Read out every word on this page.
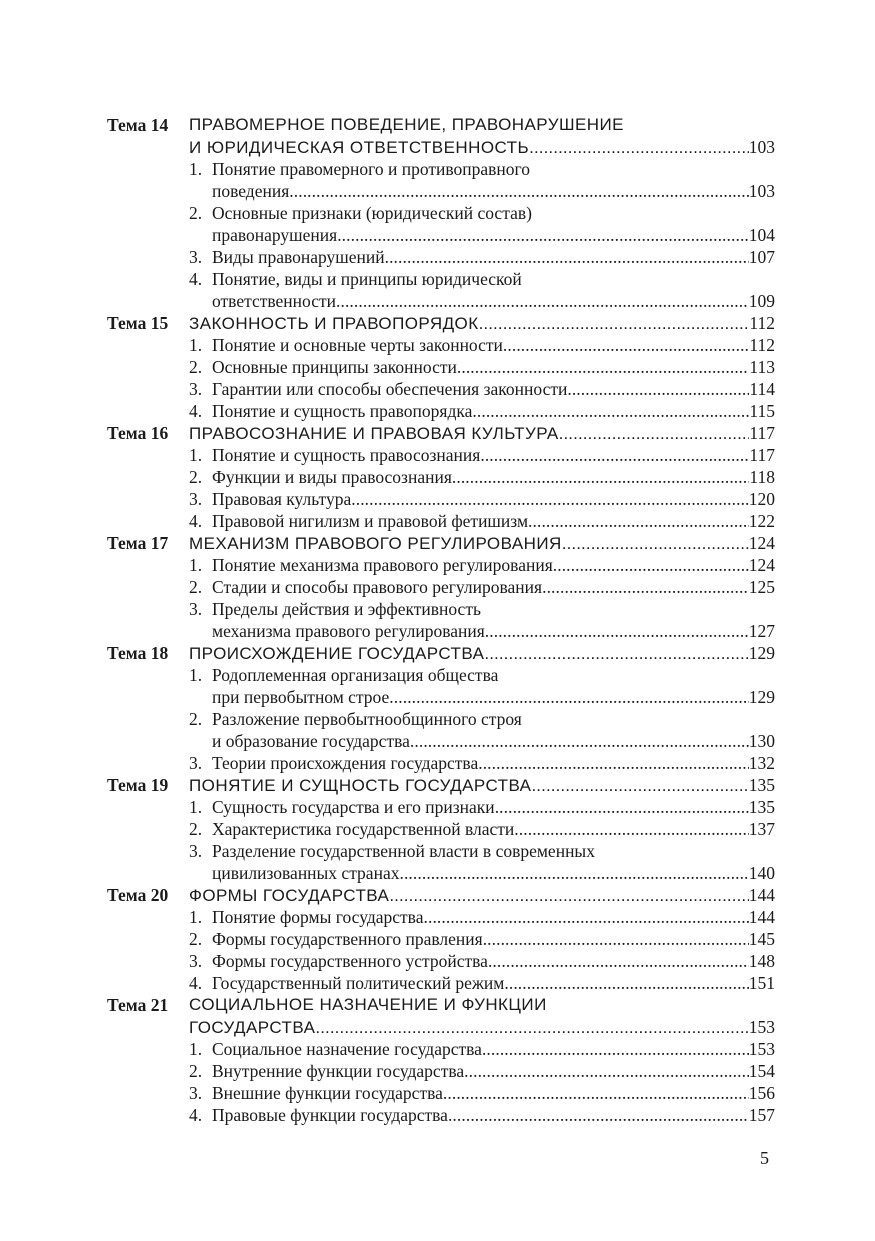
Тема 14	ПРАВОМЕРНОЕ ПОВЕДЕНИЕ, ПРАВОНАРУШЕНИЕ
И ЮРИДИЧЕСКАЯ ОТВЕТСТВЕННОСТЬ .....	103
1. Понятие правомерного и противоправного
поведения .....	103
2. Основные признаки (юридический состав)
правонарушения .....	104
3. Виды правонарушений .....	107
4. Понятие, виды и принципы юридической
ответственности .....	109
Тема 15	ЗАКОННОСТЬ И ПРАВОПОРЯДОК .....	112
1. Понятие и основные черты законности .....	112
2. Основные принципы законности .....	113
3. Гарантии или способы обеспечения законности .....	114
4. Понятие и сущность правопорядка .....	115
Тема 16	ПРАВОСОЗНАНИЕ И ПРАВОВАЯ КУЛЬТУРА .....	117
1. Понятие и сущность правосознания .....	117
2. Функции и виды правосознания .....	118
3. Правовая культура .....	120
4. Правовой нигилизм и правовой фетишизм .....	122
Тема 17	МЕХАНИЗМ ПРАВОВОГО РЕГУЛИРОВАНИЯ .....	124
1. Понятие механизма правового регулирования .....	124
2. Стадии и способы правового регулирования .....	125
3. Пределы действия и эффективность
механизма правового регулирования .....	127
Тема 18	ПРОИСХОЖДЕНИЕ ГОСУДАРСТВА .....	129
1. Родоплеменная организация общества
при первобытном строе .....	129
2. Разложение первобытнообщинного строя
и образование государства .....	130
3. Теории происхождения государства .....	132
Тема 19	ПОНЯТИЕ И СУЩНОСТЬ ГОСУДАРСТВА .....	135
1. Сущность государства и его признаки .....	135
2. Характеристика государственной власти .....	137
3. Разделение государственной власти в современных
цивилизованных странах .....	140
Тема 20	ФОРМЫ ГОСУДАРСТВА .....	144
1. Понятие формы государства .....	144
2. Формы государственного правления .....	145
3. Формы государственного устройства .....	148
4. Государственный политический режим .....	151
Тема 21	СОЦИАЛЬНОЕ НАЗНАЧЕНИЕ И ФУНКЦИИ
ГОСУДАРСТВА .....	153
1. Социальное назначение государства .....	153
2. Внутренние функции государства .....	154
3. Внешние функции государства .....	156
4. Правовые функции государства .....	157
5
